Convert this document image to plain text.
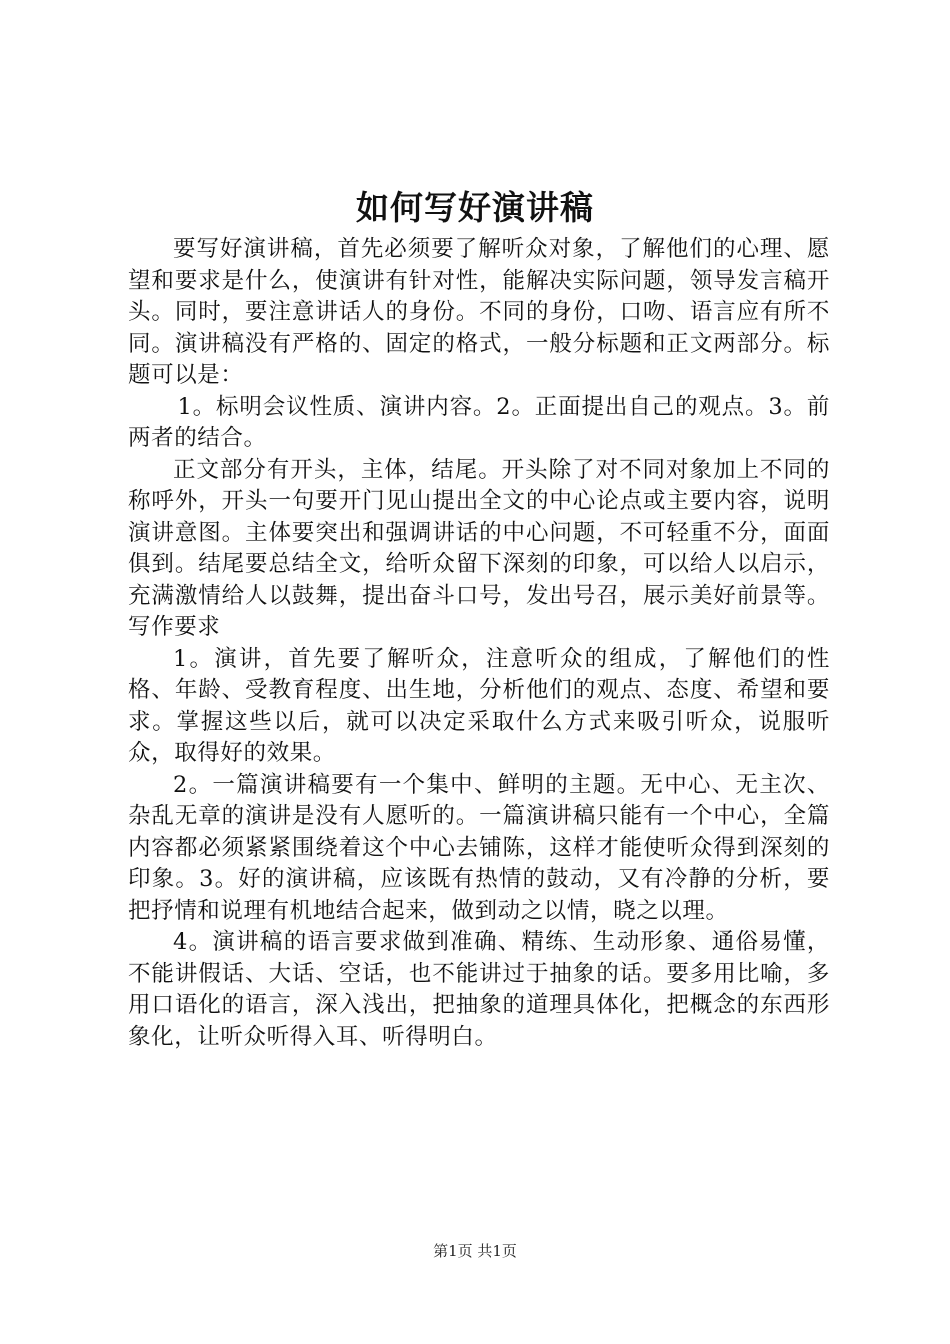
如何写好演讲稿

要写好演讲稿，首先必须要了解听众对象，了解他们的心理、愿望和要求是什么，使演讲有针对性，能解决实际问题，领导发言稿开头。同时，要注意讲话人的身份。不同的身份，口吻、语言应有所不同。演讲稿没有严格的、固定的格式，一般分标题和正文两部分。标题可以是：

1。标明会议性质、演讲内容。2。正面提出自己的观点。3。前两者的结合。

正文部分有开头，主体，结尾。开头除了对不同对象加上不同的称呼外，开头一句要开门见山提出全文的中心论点或主要内容，说明演讲意图。主体要突出和强调讲话的中心问题，不可轻重不分，面面俱到。结尾要总结全文，给听众留下深刻的印象，可以给人以启示，充满激情给人以鼓舞，提出奋斗口号，发出号召，展示美好前景等。写作要求

1。演讲，首先要了解听众，注意听众的组成，了解他们的性格、年龄、受教育程度、出生地，分析他们的观点、态度、希望和要求。掌握这些以后，就可以决定采取什么方式来吸引听众，说服听众，取得好的效果。

2。一篇演讲稿要有一个集中、鲜明的主题。无中心、无主次、杂乱无章的演讲是没有人愿听的。一篇演讲稿只能有一个中心，全篇内容都必须紧紧围绕着这个中心去铺陈，这样才能使听众得到深刻的印象。3。好的演讲稿，应该既有热情的鼓动，又有冷静的分析，要把抒情和说理有机地结合起来，做到动之以情，晓之以理。

4。演讲稿的语言要求做到准确、精练、生动形象、通俗易懂，不能讲假话、大话、空话，也不能讲过于抽象的话。要多用比喻，多用口语化的语言，深入浅出，把抽象的道理具体化，把概念的东西形象化，让听众听得入耳、听得明白。

第1页 共1页
